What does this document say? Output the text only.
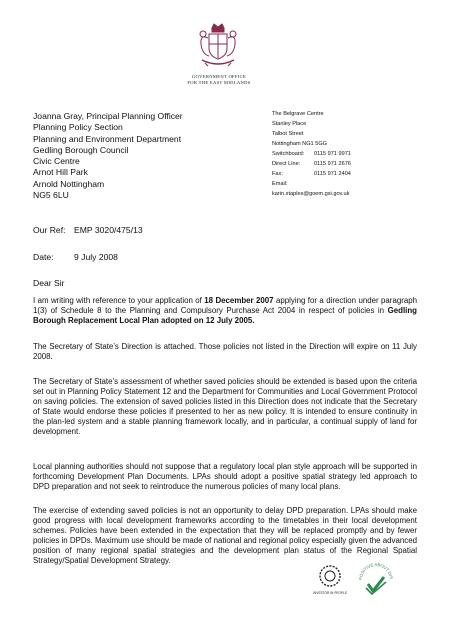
GOVERNMENT OFFICE
FOR THE EAST MIDLANDS
Joanna Gray, Principal Planning Officer
Planning Policy Section
Planning and Environment Department
Gedling Borough Council
Civic Centre
Arnot Hill Park
Arnold Nottingham
NG5 6LU
The Belgrave Centre
Stanley Place
Talbot Street
Nottingham NG1 5GG
Switchboard: 0115 971 9971
Direct Line: 0115 971 2676
Fax:	0115 971 2404
Email:
karin.staples@goem.gsi.gov.uk
Our Ref: EMP 3020/475/13
Date: 9 July 2008
Dear Sir
I am writing with reference to your application of 18 December 2007 applying for a direction under paragraph 1(3) of Schedule 8 to the Planning and Compulsory Purchase Act 2004 in respect of policies in Gedling Borough Replacement Local Plan adopted on 12 July 2005.
The Secretary of State’s Direction is attached. Those policies not listed in the Direction will expire on 11 July 2008.
The Secretary of State’s assessment of whether saved policies should be extended is based upon the criteria set out in Planning Policy Statement 12 and the Department for Communities and Local Government Protocol on saving policies. The extension of saved policies listed in this Direction does not indicate that the Secretary of State would endorse these policies if presented to her as new policy. It is intended to ensure continuity in the plan-led system and a stable planning framework locally, and in particular, a continual supply of land for development.
Local planning authorities should not suppose that a regulatory local plan style approach will be supported in forthcoming Development Plan Documents. LPAs should adopt a positive spatial strategy led approach to DPD preparation and not seek to reintroduce the numerous policies of many local plans.
The exercise of extending saved policies is not an opportunity to delay DPD preparation. LPAs should make good progress with local development frameworks according to the timetables in their local development schemes. Policies have been extended in the expectation that they will be replaced promptly and by fewer policies in DPDs. Maximum use should be made of national and regional policy especially given the advanced position of many regional spatial strategies and the development plan status of the Regional Spatial Strategy/Spatial Development Strategy.
INVESTOR IN PEOPLE
POSITIVE ABOUT DIS
